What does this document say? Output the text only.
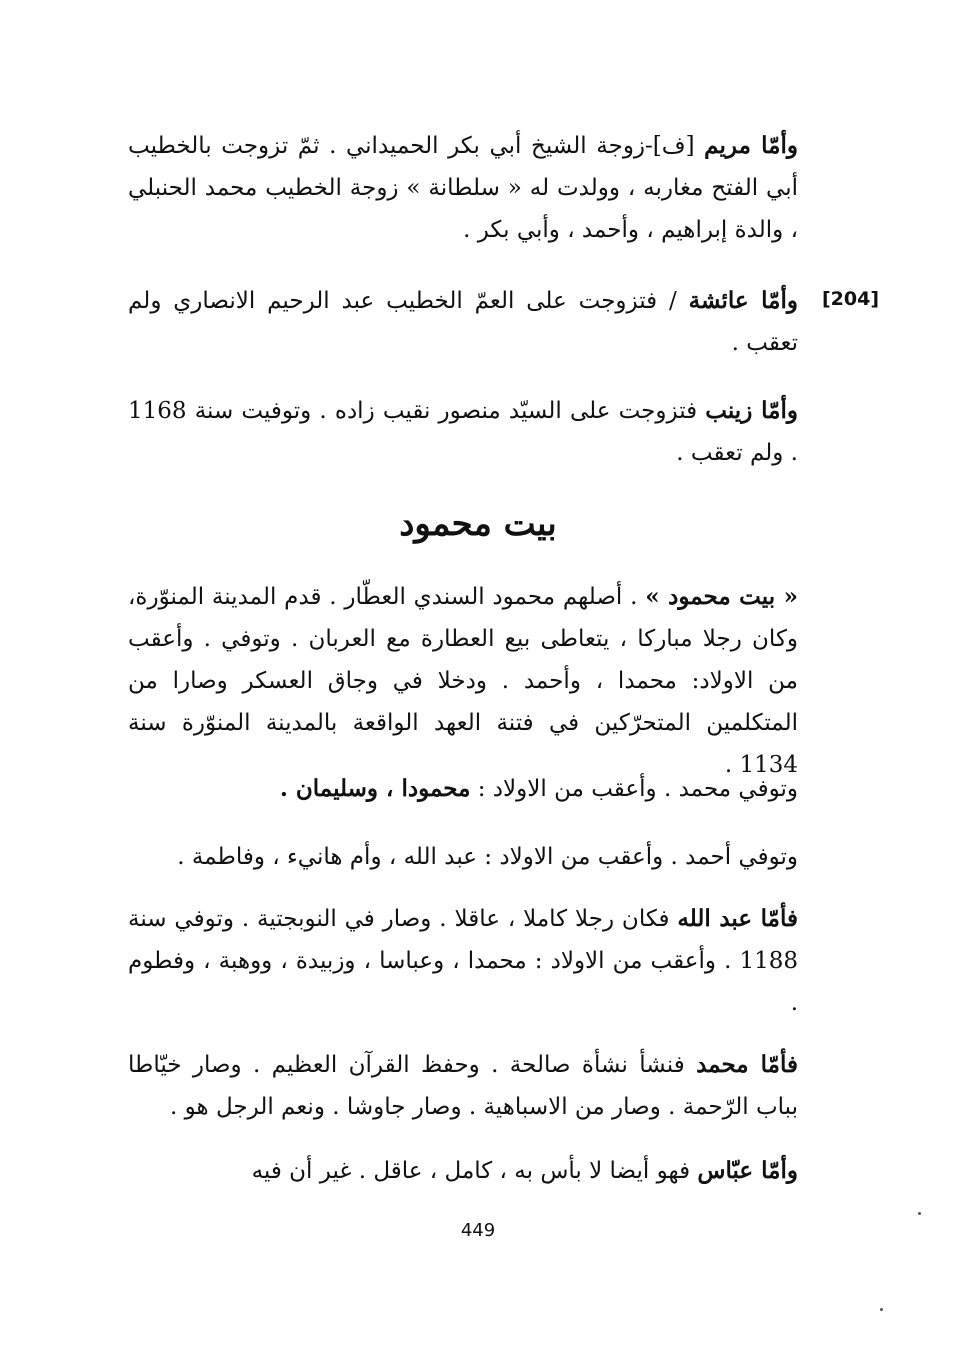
وأمّا مريم [ف]-زوجة الشيخ أبي بكر الحميداني . ثمّ تزوجت بالخطيب أبي الفتح مغاربه ، وولدت له « سلطانة » زوجة الخطيب محمد الحنبلي ، والدة إبراهيم ، وأحمد ، وأبي بكر .
[204]
وأمّا عائشة / فتزوجت على العمّ الخطيب عبد الرحيم الانصاري ولم تعقب .
وأمّا زينب فتزوجت على السيّد منصور نقيب زاده . وتوفيت سنة 1168 . ولم تعقب .
بيت محمود
« بيت محمود » . أصلهم محمود السندي العطّار . قدم المدينة المنوّرة، وكان رجلا مباركا ، يتعاطى بيع العطارة مع العربان . وتوفي . وأعقب من الاولاد: محمدا ، وأحمد . ودخلا في وجاق العسكر وصارا من المتكلمين المتحرّكين في فتنة العهد الواقعة بالمدينة المنوّرة سنة 1134 .
وتوفي محمد . وأعقب من الاولاد : محمودا ، وسليمان .
وتوفي أحمد . وأعقب من الاولاد : عبد الله ، وأم هانيء ، وفاطمة .
فأمّا عبد الله فكان رجلا كاملا ، عاقلا . وصار في النوبجتية . وتوفي سنة 1188 . وأعقب من الاولاد : محمدا ، وعباسا ، وزبيدة ، ووهبة ، وفطوم .
فأمّا محمد فنشأ نشأة صالحة . وحفظ القرآن العظيم . وصار خيّاطا بباب الرّحمة . وصار من الاسباهية . وصار جاوشا . ونعم الرجل هو .
وأمّا عبّاس فهو أيضا لا بأس به ، كامل ، عاقل . غير أن فيه
449
